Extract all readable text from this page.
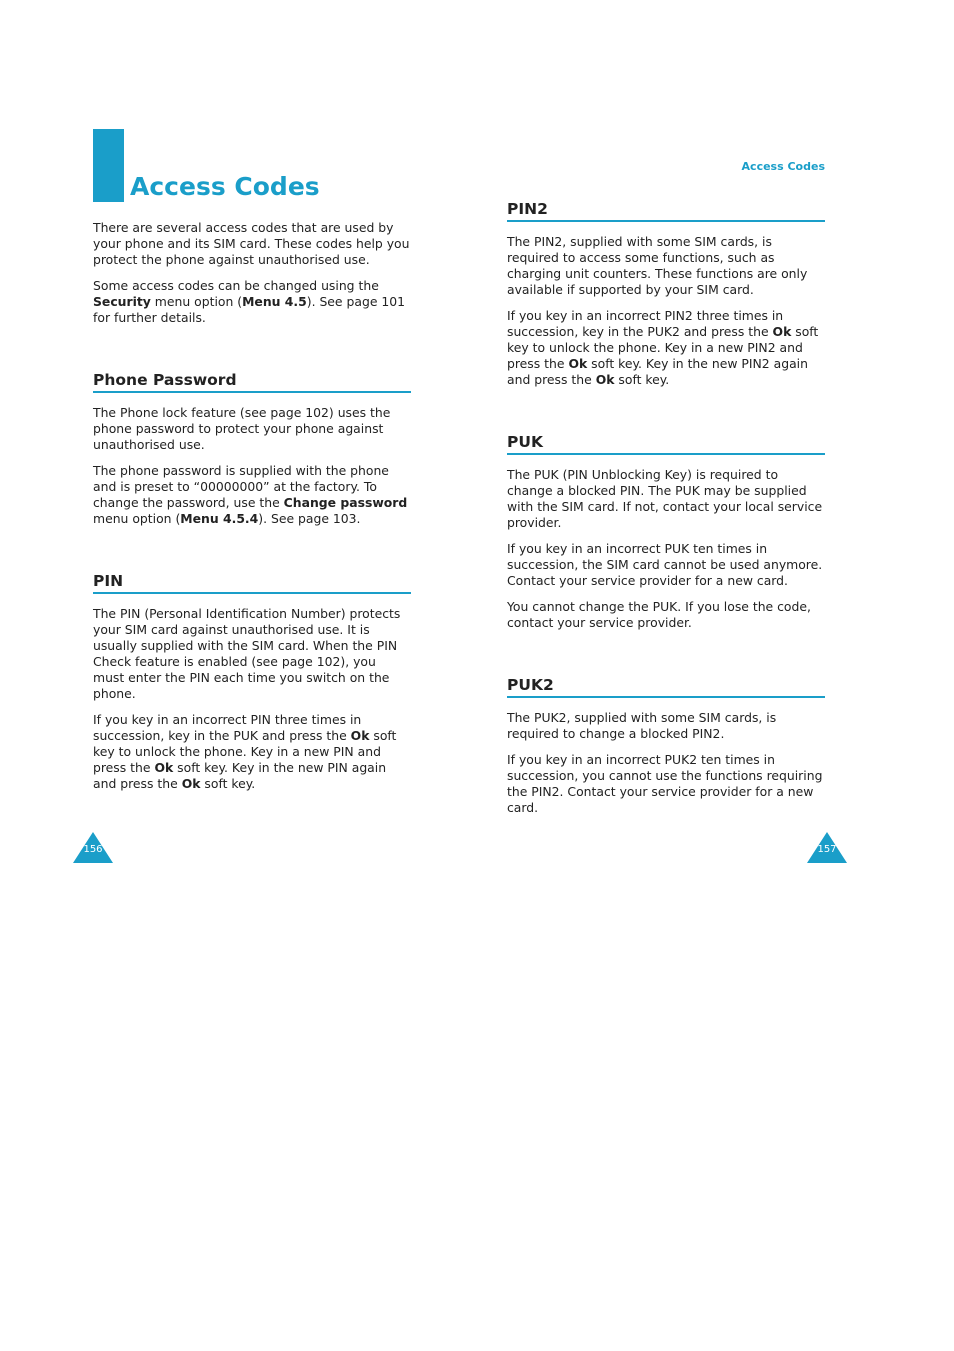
Access Codes
Access Codes

There are several access codes that are used by your phone and its SIM card. These codes help you protect the phone against unauthorised use.

Some access codes can be changed using the Security menu option (Menu 4.5). See page 101 for further details.

Phone Password

The Phone lock feature (see page 102) uses the phone password to protect your phone against unauthorised use.

The phone password is supplied with the phone and is preset to “00000000” at the factory. To change the password, use the Change password menu option (Menu 4.5.4). See page 103.

PIN

The PIN (Personal Identification Number) protects your SIM card against unauthorised use. It is usually supplied with the SIM card. When the PIN Check feature is enabled (see page 102), you must enter the PIN each time you switch on the phone.

If you key in an incorrect PIN three times in succession, key in the PUK and press the Ok soft key to unlock the phone. Key in a new PIN and press the Ok soft key. Key in the new PIN again and press the Ok soft key.

PIN2

The PIN2, supplied with some SIM cards, is required to access some functions, such as charging unit counters. These functions are only available if supported by your SIM card.

If you key in an incorrect PIN2 three times in succession, key in the PUK2 and press the Ok soft key to unlock the phone. Key in a new PIN2 and press the Ok soft key. Key in the new PIN2 again and press the Ok soft key.

PUK

The PUK (PIN Unblocking Key) is required to change a blocked PIN. The PUK may be supplied with the SIM card. If not, contact your local service provider.

If you key in an incorrect PUK ten times in succession, the SIM card cannot be used anymore. Contact your service provider for a new card.

You cannot change the PUK. If you lose the code, contact your service provider.

PUK2

The PUK2, supplied with some SIM cards, is required to change a blocked PIN2.

If you key in an incorrect PUK2 ten times in succession, you cannot use the functions requiring the PIN2. Contact your service provider for a new card.

156	157
